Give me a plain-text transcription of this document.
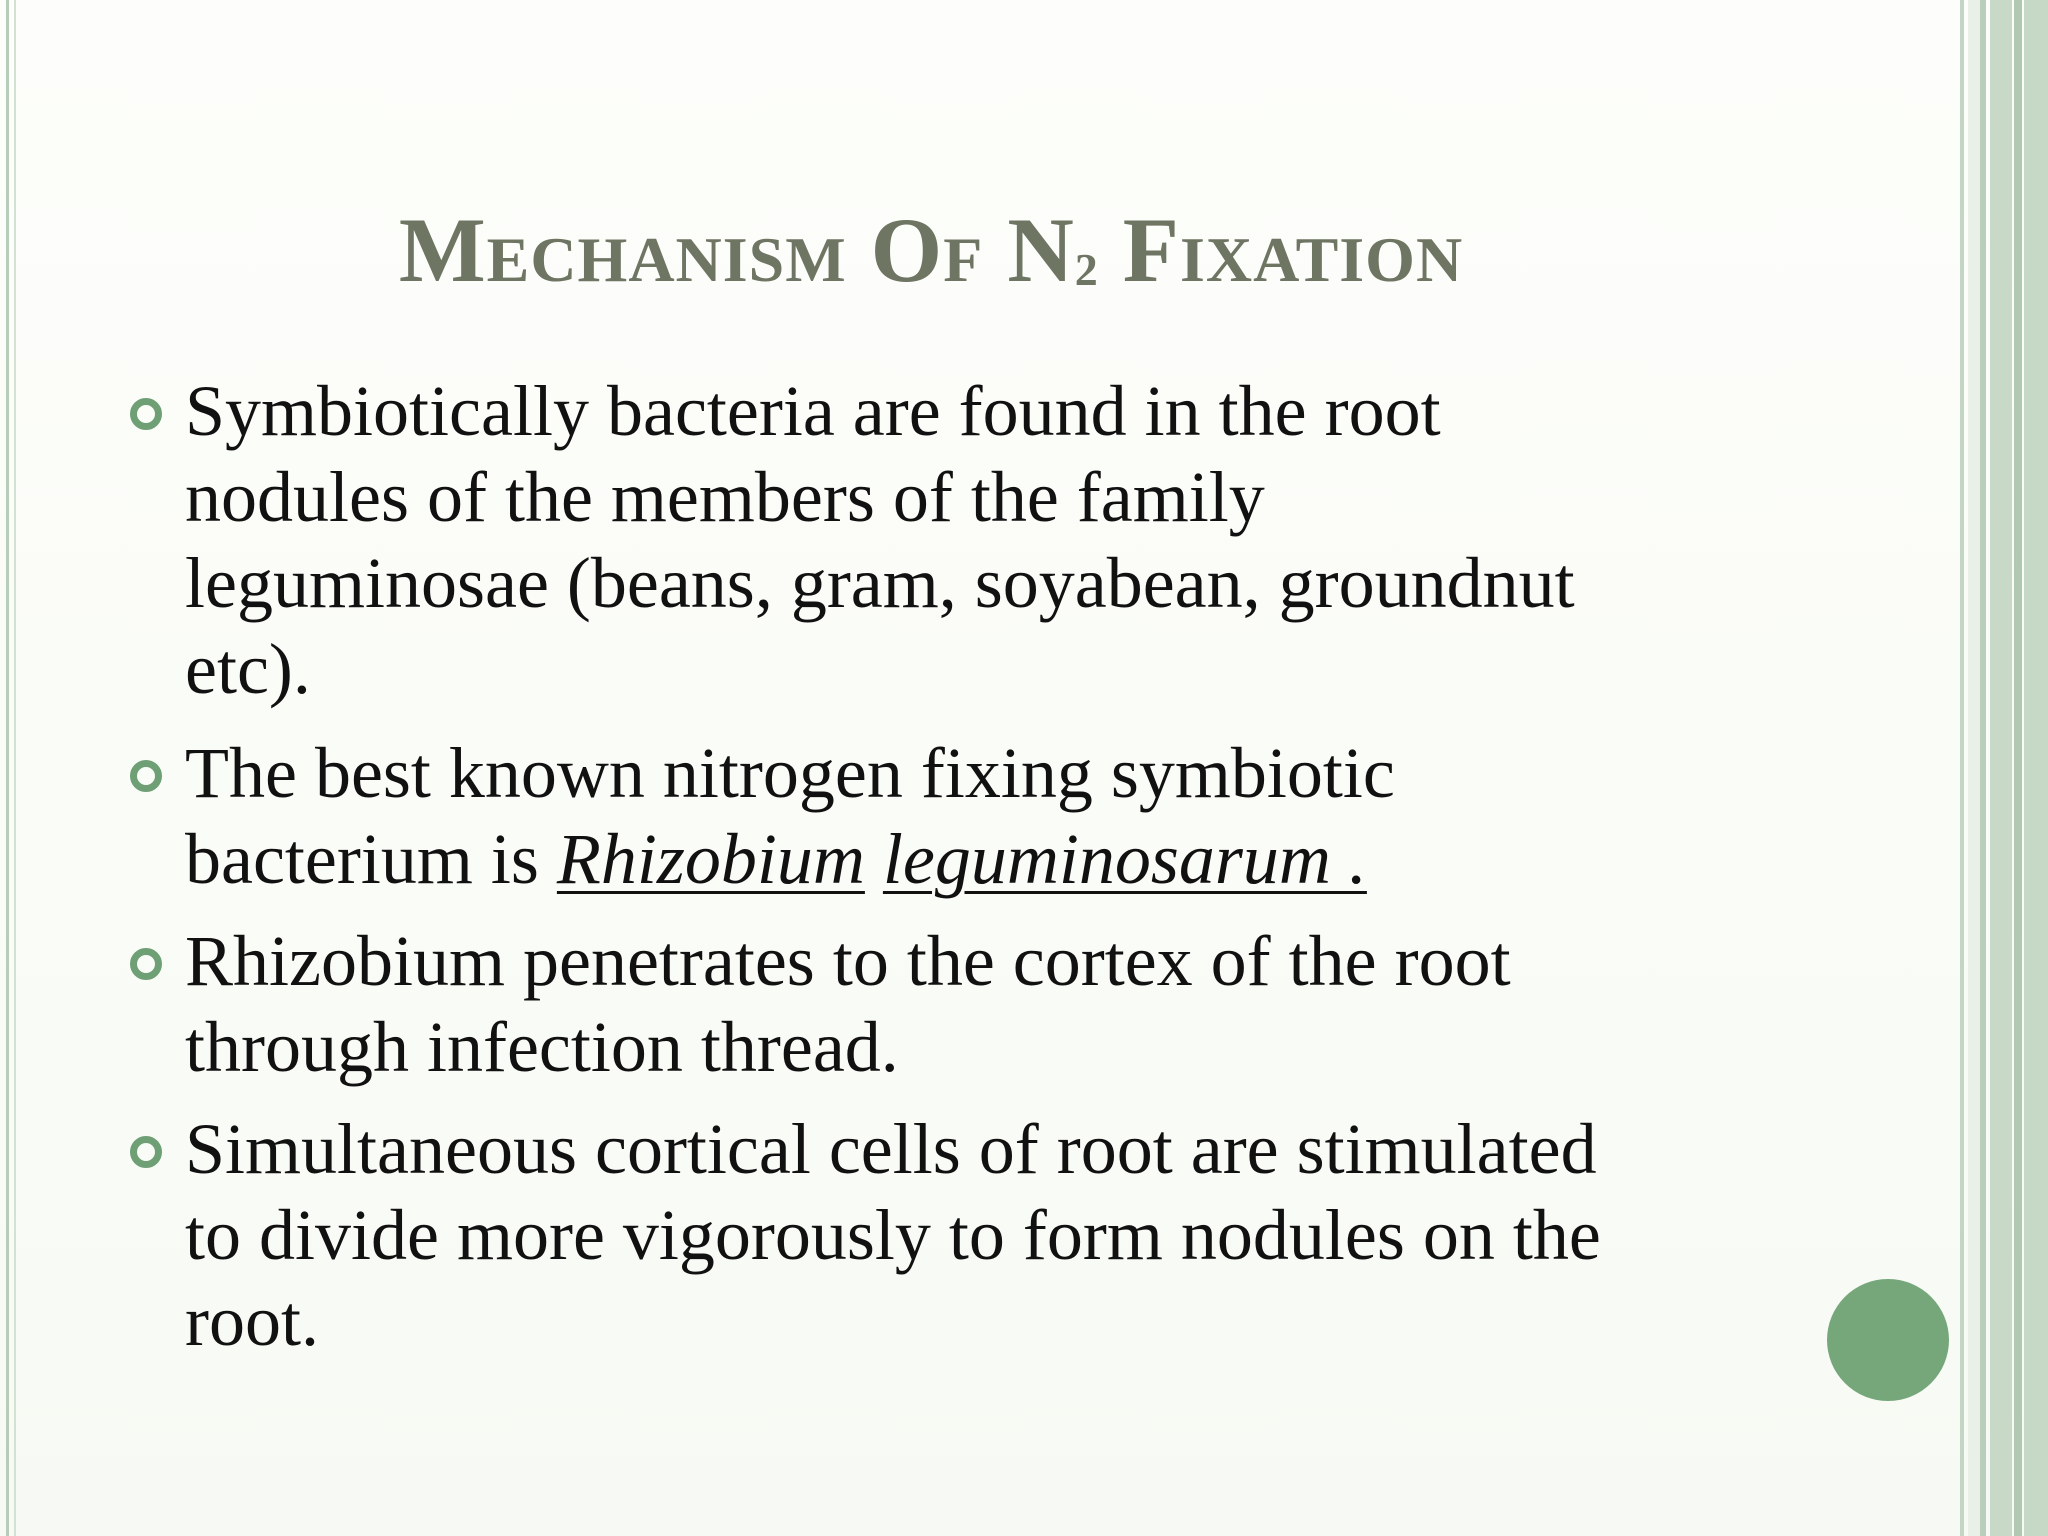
Mechanism Of N2 Fixation
Symbiotically bacteria are found in the root
nodules of the members of the family
leguminosae (beans, gram, soyabean, groundnut
etc).
The best known nitrogen fixing symbiotic
bacterium is Rhizobium leguminosarum .
Rhizobium penetrates to the cortex of the root
through infection thread.
Simultaneous cortical cells of root are stimulated
to divide more vigorously to form nodules on the
root.
